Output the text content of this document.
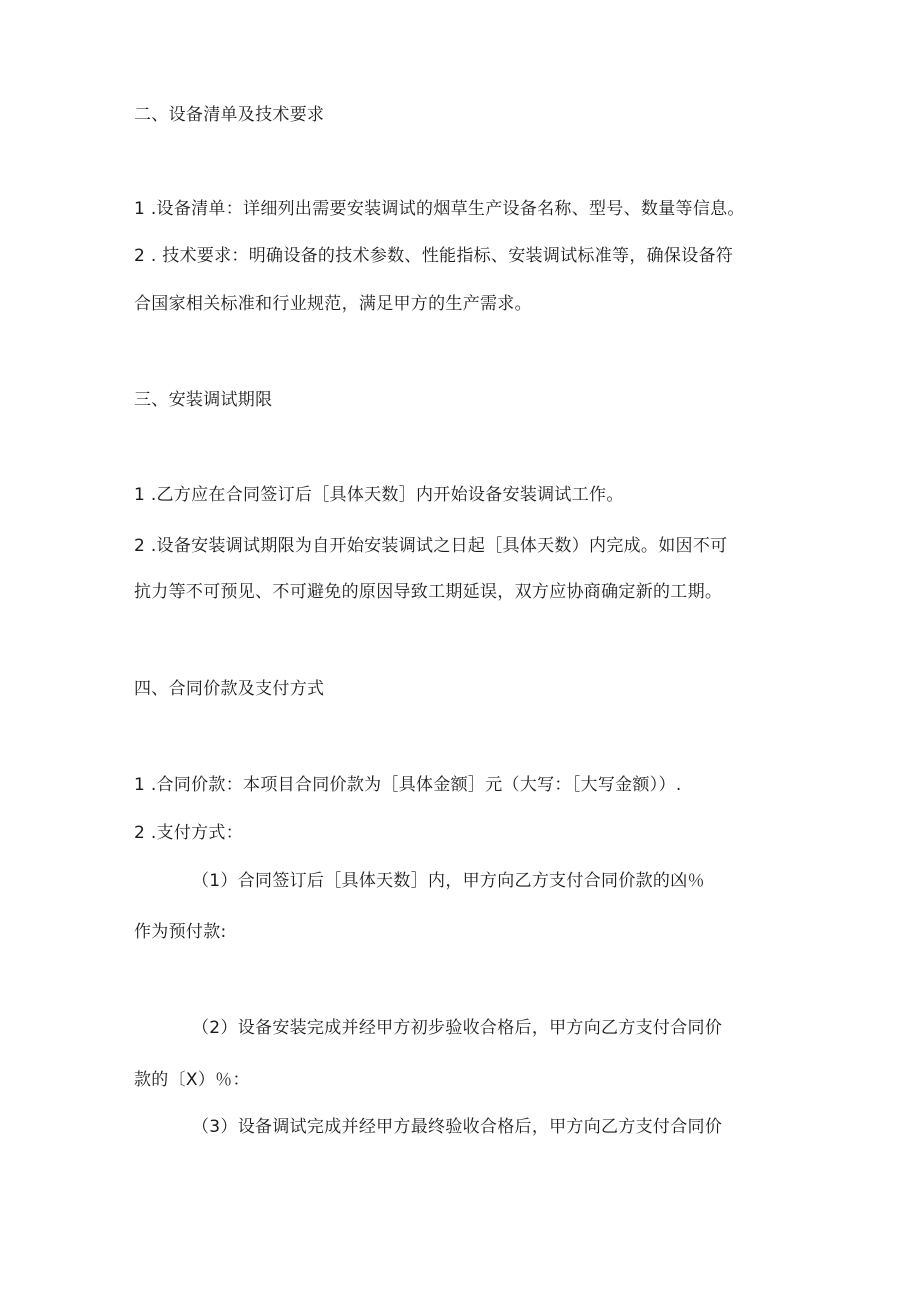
二、设备清单及技术要求
1 .设备清单：详细列出需要安装调试的烟草生产设备名称、型号、数量等信息。
2 . 技术要求：明确设备的技术参数、性能指标、安装调试标准等，确保设备符
合国家相关标准和行业规范，满足甲方的生产需求。
三、安装调试期限
1 .乙方应在合同签订后［具体天数］内开始设备安装调试工作。
2 .设备安装调试期限为自开始安装调试之日起［具体天数）内完成。如因不可
抗力等不可预见、不可避免的原因导致工期延误，双方应协商确定新的工期。
四、合同价款及支付方式
1 .合同价款：本项目合同价款为［具体金额］元（大写：［大写金额））.
2 .支付方式：
（1）合同签订后［具体天数］内，甲方向乙方支付合同价款的凶％
作为预付款:
（2）设备安装完成并经甲方初步验收合格后，甲方向乙方支付合同价
款的〔X）％：
（3）设备调试完成并经甲方最终验收合格后，甲方向乙方支付合同价
